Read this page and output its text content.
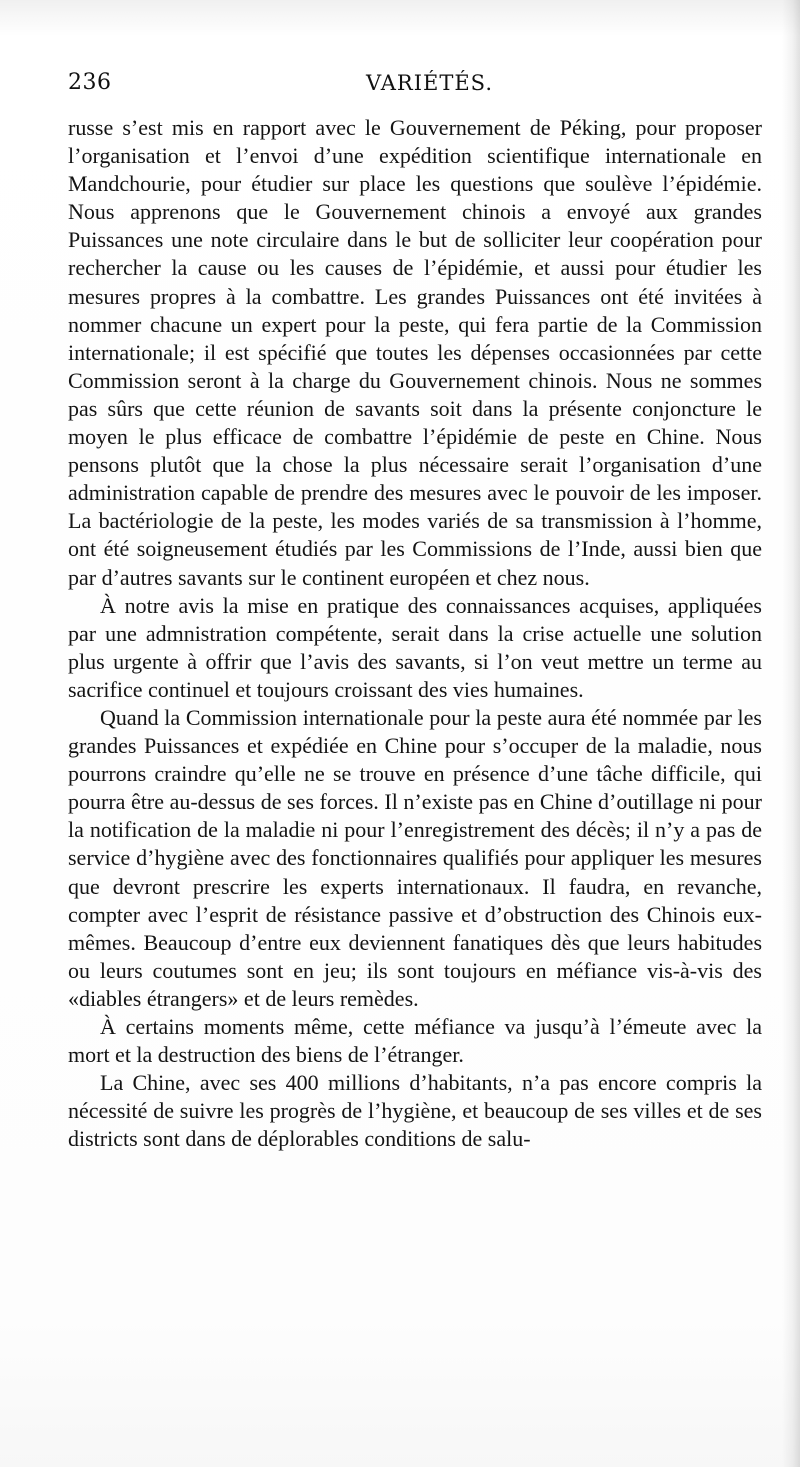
236	VARIÉTÉS.

russe s’est mis en rapport avec le Gouvernement de Péking, pour proposer l’organisation et l’envoi d’une expédition scientifique internationale en Mandchourie, pour étudier sur place les questions que soulève l’épidémie. Nous apprenons que le Gouvernement chinois a envoyé aux grandes Puissances une note circulaire dans le but de solliciter leur coopération pour rechercher la cause ou les causes de l’épidémie, et aussi pour étudier les mesures propres à la combattre. Les grandes Puissances ont été invitées à nommer chacune un expert pour la peste, qui fera partie de la Commission internationale; il est spécifié que toutes les dépenses occasionnées par cette Commission seront à la charge du Gouvernement chinois. Nous ne sommes pas sûrs que cette réunion de savants soit dans la présente conjoncture le moyen le plus efficace de combattre l’épidémie de peste en Chine. Nous pensons plutôt que la chose la plus nécessaire serait l’organisation d’une administration capable de prendre des mesures avec le pouvoir de les imposer. La bactériologie de la peste, les modes variés de sa transmission à l’homme, ont été soigneusement étudiés par les Commissions de l’Inde, aussi bien que par d’autres savants sur le continent européen et chez nous.

À notre avis la mise en pratique des connaissances acquises, appliquées par une admnistration compétente, serait dans la crise actuelle une solution plus urgente à offrir que l’avis des savants, si l’on veut mettre un terme au sacrifice continuel et toujours croissant des vies humaines.

Quand la Commission internationale pour la peste aura été nommée par les grandes Puissances et expédiée en Chine pour s’occuper de la maladie, nous pourrons craindre qu’elle ne se trouve en présence d’une tâche difficile, qui pourra être au-dessus de ses forces. Il n’existe pas en Chine d’outillage ni pour la notification de la maladie ni pour l’enregistrement des décès; il n’y a pas de service d’hygiène avec des fonctionnaires qualifiés pour appliquer les mesures que devront prescrire les experts internationaux. Il faudra, en revanche, compter avec l’esprit de résistance passive et d’obstruction des Chinois eux-mêmes. Beaucoup d’entre eux deviennent fanatiques dès que leurs habitudes ou leurs coutumes sont en jeu; ils sont toujours en méfiance vis-à-vis des «diables étrangers» et de leurs remèdes.

À certains moments même, cette méfiance va jusqu’à l’émeute avec la mort et la destruction des biens de l’étranger.

La Chine, avec ses 400 millions d’habitants, n’a pas encore compris la nécessité de suivre les progrès de l’hygiène, et beaucoup de ses villes et de ses districts sont dans de déplorables conditions de salu-
